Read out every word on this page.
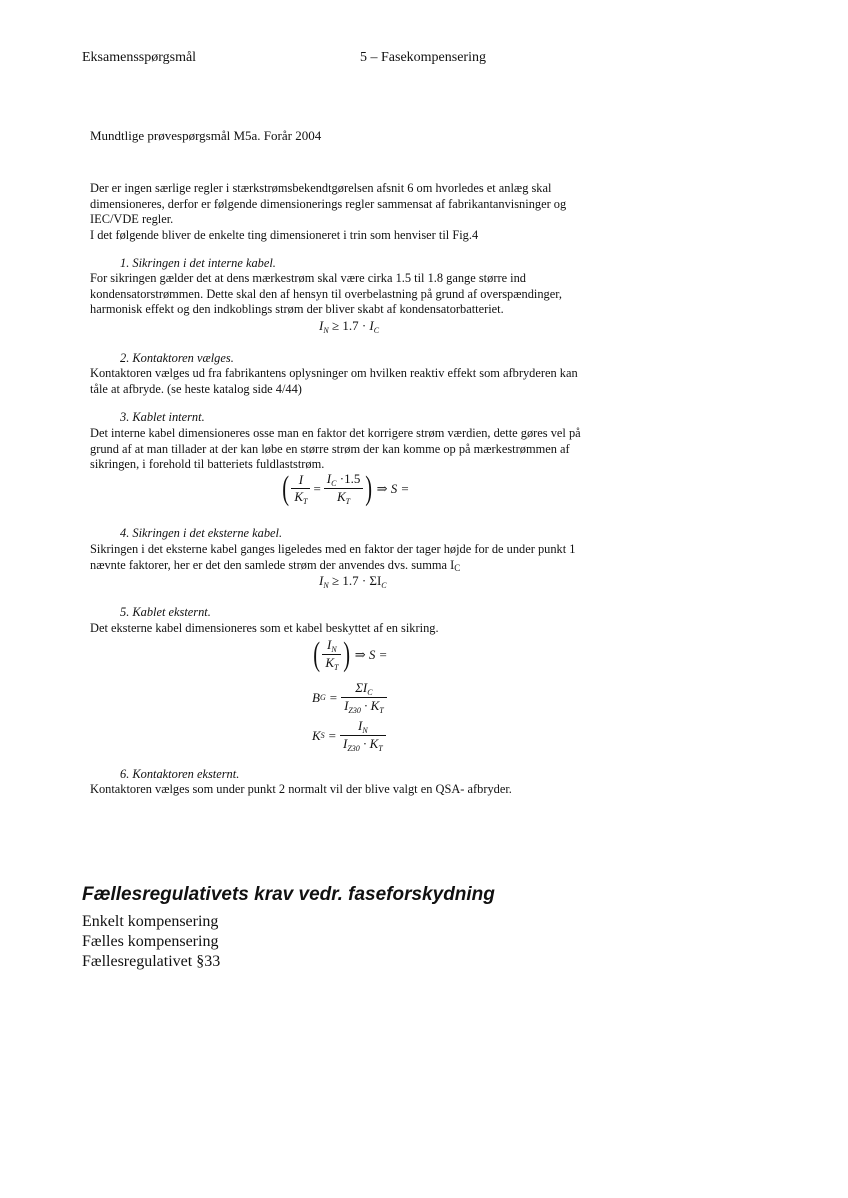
Eksamensspørgsmål	5 – Fasekompensering
Mundtlige prøvespørgsmål M5a. Forår 2004
Der er ingen særlige regler i stærkstrømsbekendtgørelsen afsnit 6 om hvorledes et anlæg skal
dimensioneres, derfor er følgende dimensionerings regler sammensat af fabrikantanvisninger og
IEC/VDE regler.
I det følgende bliver de enkelte ting dimensioneret i trin som henviser til Fig.4
1. Sikringen i det interne kabel.
For sikringen gælder det at dens mærkestrøm skal være cirka 1.5 til 1.8 gange større ind
kondensatorstrømmen. Dette skal den af hensyn til overbelastning på grund af overspændinger,
harmonisk effekt og den indkoblings strøm der bliver skabt af kondensatorbatteriet.
$I_N \ge 1.7 \cdot I_C$
2. Kontaktoren vælges.
Kontaktoren vælges ud fra fabrikantens oplysninger om hvilken reaktiv effekt som afbryderen kan
tåle at afbryde. (se heste katalog side 4/44)
3. Kablet internt.
Det interne kabel dimensioneres osse man en faktor det korrigere strøm værdien, dette gøres vel på
grund af at man tillader at der kan løbe en større strøm der kan komme op på mærkestrømmen af
sikringen, i forehold til batteriets fuldlaststrøm.
( $\frac{I}{K_T} = \frac{I_C \cdot 1.5}{K_T}$ ) ⇒ S =
4. Sikringen i det eksterne kabel.
Sikringen i det eksterne kabel ganges ligeledes med en faktor der tager højde for de under punkt 1
nævnte faktorer, her er det den samlede strøm der anvendes dvs. summa IC
$I_N \ge 1.7 \cdot \Sigma I_C$
5. Kablet eksternt.
Det eksterne kabel dimensioneres som et kabel beskyttet af en sikring.
( $\frac{I_N}{K_T}$ ) ⇒ S =
B $G = \frac{\Sigma I_C}{I_{Z30} \cdot K_T}$
K $S = \frac{I_N}{I_{Z30} \cdot K_T}$
6. Kontaktoren eksternt.
Kontaktoren vælges som under punkt 2 normalt vil der blive valgt en QSA- afbryder.
Fællesregulativets krav vedr. faseforskydning
Enkelt kompensering
Fælles kompensering
Fællesregulativet §33
